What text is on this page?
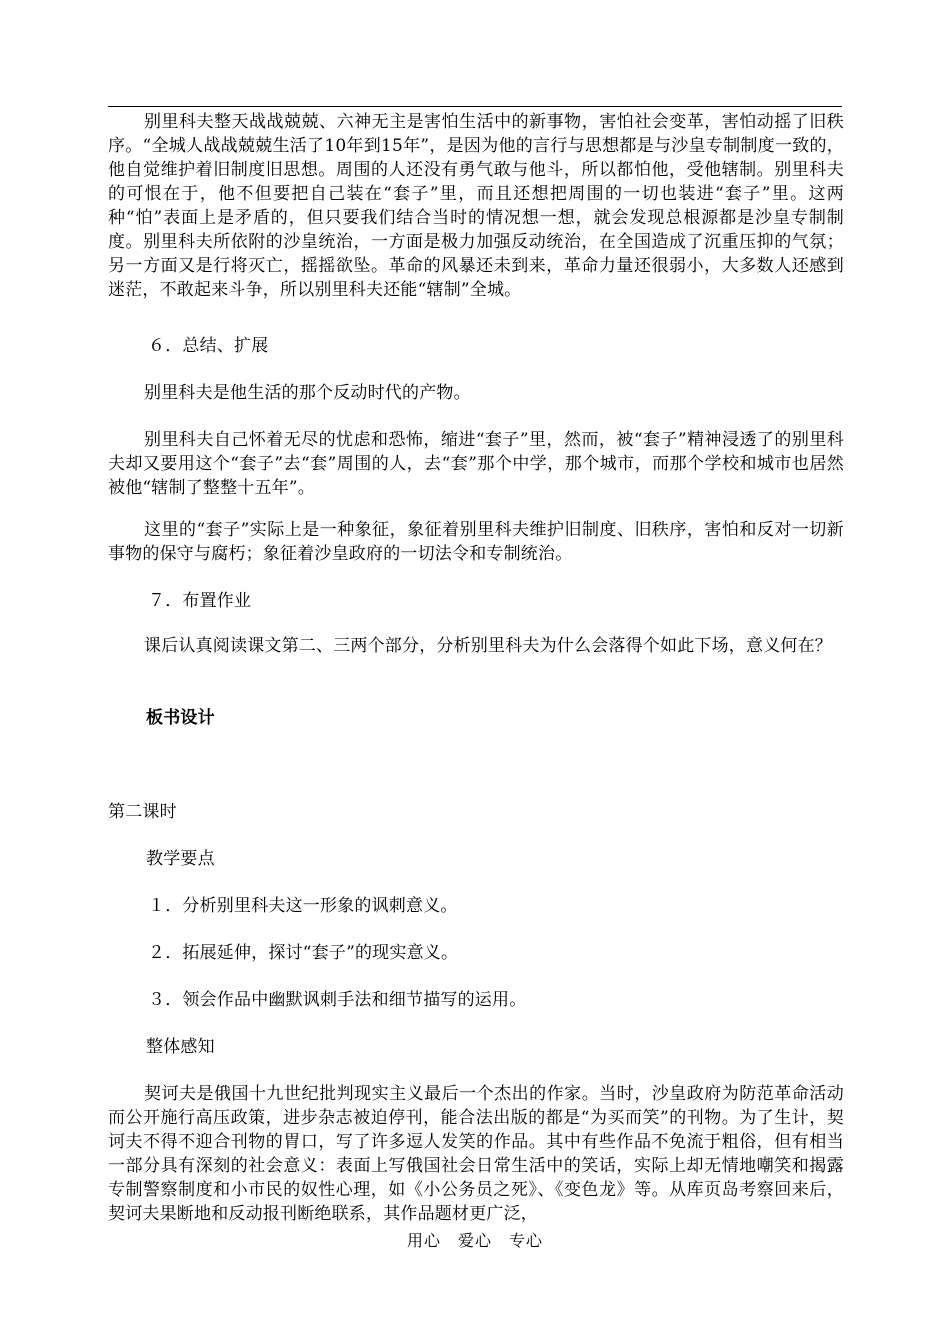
别里科夫整天战战兢兢、六神无主是害怕生活中的新事物，害怕社会变革，害怕动摇了旧秩序。“全城人战战兢兢生活了10年到15年”，是因为他的言行与思想都是与沙皇专制制度一致的，他自觉维护着旧制度旧思想。周围的人还没有勇气敢与他斗，所以都怕他，受他辖制。别里科夫的可恨在于，他不但要把自己装在“套子”里，而且还想把周围的一切也装进“套子”里。这两种“怕”表面上是矛盾的，但只要我们结合当时的情况想一想，就会发现总根源都是沙皇专制制度。别里科夫所依附的沙皇统治，一方面是极力加强反动统治，在全国造成了沉重压抑的气氛；另一方面又是行将灭亡，摇摇欲坠。革命的风暴还未到来，革命力量还很弱小，大多数人还感到迷茫，不敢起来斗争，所以别里科夫还能“辖制”全城。
６．总结、扩展
别里科夫是他生活的那个反动时代的产物。
别里科夫自己怀着无尽的忧虑和恐怖，缩进“套子”里，然而，被“套子”精神浸透了的别里科夫却又要用这个“套子”去“套”周围的人，去“套”那个中学，那个城市，而那个学校和城市也居然被他“辖制了整整十五年”。
这里的“套子”实际上是一种象征，象征着别里科夫维护旧制度、旧秩序，害怕和反对一切新事物的保守与腐朽；象征着沙皇政府的一切法令和专制统治。
７．布置作业
课后认真阅读课文第二、三两个部分，分析别里科夫为什么会落得个如此下场，意义何在？
板书设计
第二课时
教学要点
１．分析别里科夫这一形象的讽刺意义。
２．拓展延伸，探讨“套子”的现实意义。
３．领会作品中幽默讽刺手法和细节描写的运用。
整体感知
契诃夫是俄国十九世纪批判现实主义最后一个杰出的作家。当时，沙皇政府为防范革命活动而公开施行高压政策，进步杂志被迫停刊，能合法出版的都是“为买而笑”的刊物。为了生计，契诃夫不得不迎合刊物的胃口，写了许多逗人发笑的作品。其中有些作品不免流于粗俗，但有相当一部分具有深刻的社会意义：表面上写俄国社会日常生活中的笑话，实际上却无情地嘲笑和揭露专制警察制度和小市民的奴性心理，如《小公务员之死》、《变色龙》等。从库页岛考察回来后，契诃夫果断地和反动报刊断绝联系，其作品题材更广泛，
用心　爱心　专心
